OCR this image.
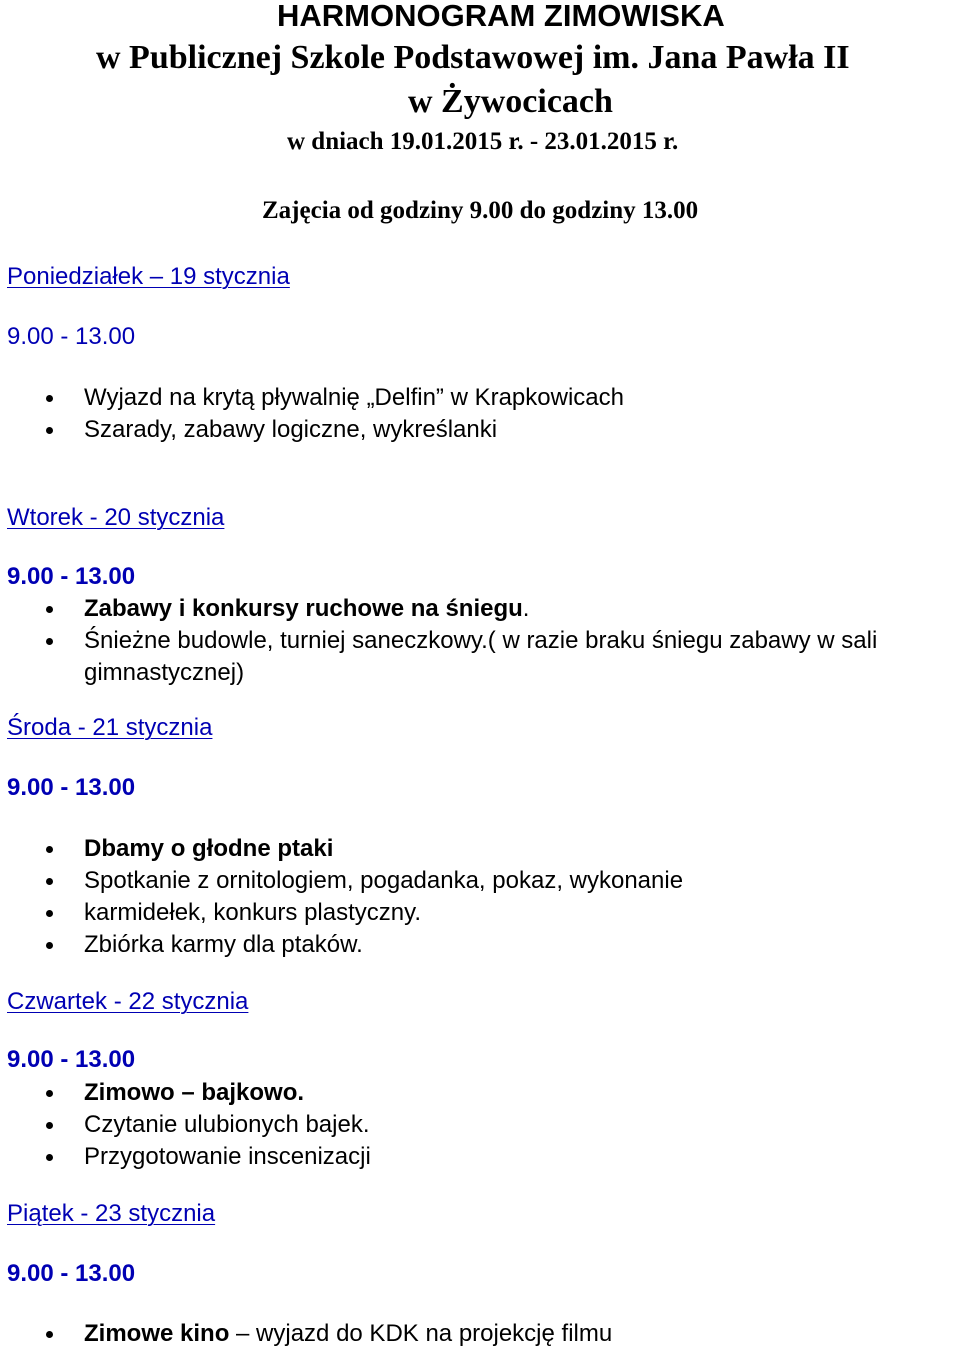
HARMONOGRAM ZIMOWISKA
w Publicznej Szkole Podstawowej im. Jana Pawła II
w Żywocicach
w dniach 19.01.2015 r. - 23.01.2015 r.
Zajęcia od godziny 9.00 do godziny 13.00
Poniedziałek – 19 stycznia
9.00 - 13.00
Wyjazd na krytą pływalnię „Delfin” w Krapkowicach
Szarady, zabawy logiczne, wykreślanki
Wtorek - 20 stycznia
9.00 - 13.00
Zabawy i konkursy ruchowe na śniegu.
Śnieżne budowle, turniej saneczkowy.( w razie braku śniegu zabawy w sali gimnastycznej)
Środa - 21 stycznia
9.00 - 13.00
Dbamy o głodne ptaki
Spotkanie z ornitologiem, pogadanka, pokaz, wykonanie
karmidełek, konkurs plastyczny.
Zbiórka karmy dla ptaków.
Czwartek - 22 stycznia
9.00 - 13.00
Zimowo – bajkowo.
Czytanie ulubionych bajek.
Przygotowanie inscenizacji
Piątek - 23 stycznia
9.00 - 13.00
Zimowe kino – wyjazd do KDK na projekcję filmu
